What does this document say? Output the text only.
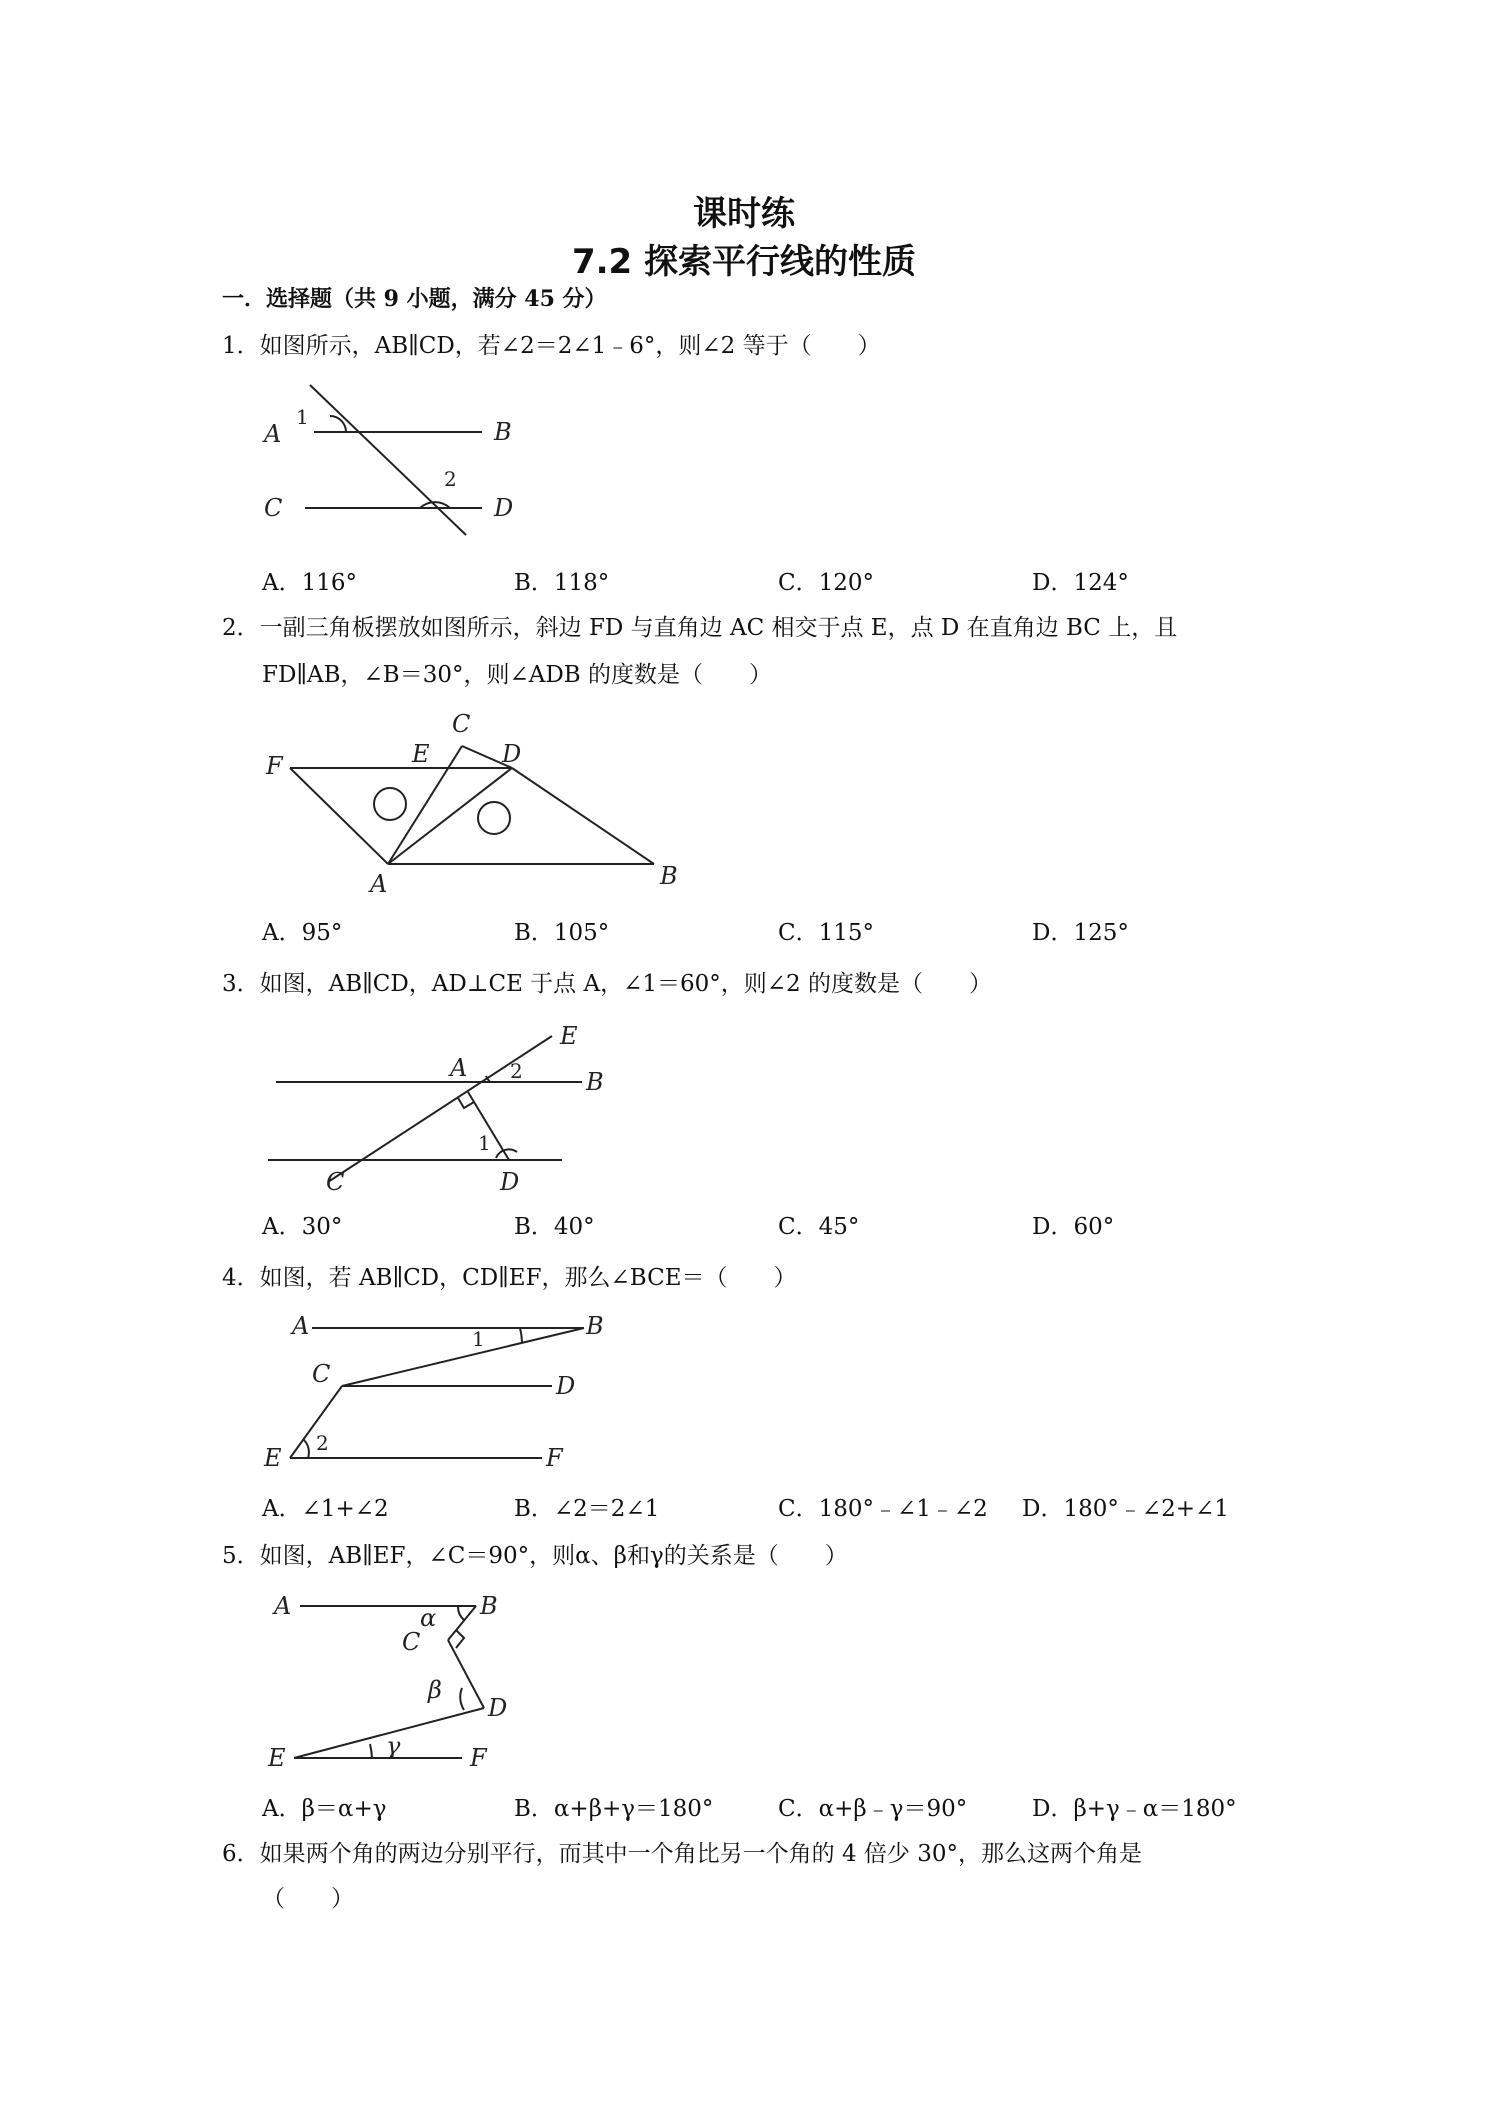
课时练
7.2 探索平行线的性质
一．选择题（共 9 小题，满分 45 分）
1．如图所示，AB∥CD，若∠2＝2∠1﹣6°，则∠2 等于（　　）
A	B
C	D
1
2
A．116°	B．118°	C．120°	D．124°
2．一副三角板摆放如图所示，斜边 FD 与直角边 AC 相交于点 E，点 D 在直角边 BC 上，且
FD∥AB，∠B＝30°，则∠ADB 的度数是（　　）
F	E
C
D
A	B
A．95°	B．105°	C．115°	D．125°
3．如图，AB∥CD，AD⊥CE 于点 A，∠1＝60°，则∠2 的度数是（　　）
E
A 2	B
1
C	D
A．30°	B．40°	C．45°	D．60°
4．如图，若 AB∥CD，CD∥EF，那么∠BCE＝（　　）
A	1	B
C	D
E
2
F
A．∠1+∠2	B．∠2＝2∠1	C．180°﹣∠1﹣∠2 D．180°﹣∠2+∠1
5．如图，AB∥EF，∠C＝90°，则α、β和γ的关系是（　　）
A	α B
C
β
D
E	γ	F
A．β＝α+γ	B．α+β+γ＝180°	C．α+β﹣γ＝90°	D．β+γ﹣α＝180°
6．如果两个角的两边分别平行，而其中一个角比另一个角的 4 倍少 30°，那么这两个角是
（　　）
